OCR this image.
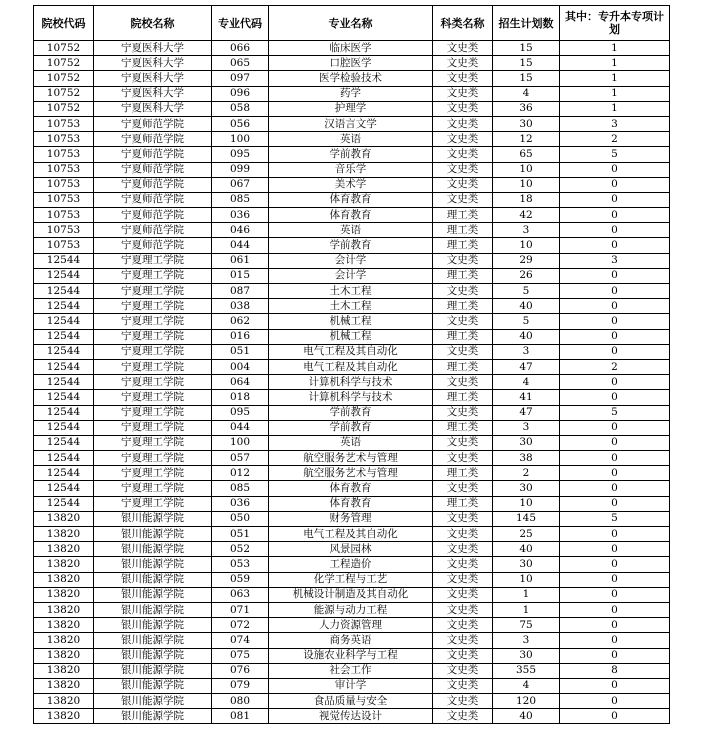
院校代码	院校名称	专业代码	专业名称	科类名称	招生计划数	其中：专升本专项计划
10752	宁夏医科大学	066	临床医学	文史类	15	1
10752	宁夏医科大学	065	口腔医学	文史类	15	1
10752	宁夏医科大学	097	医学检验技术	文史类	15	1
10752	宁夏医科大学	096	药学	文史类	4	1
10752	宁夏医科大学	058	护理学	文史类	36	1
10753	宁夏师范学院	056	汉语言文学	文史类	30	3
10753	宁夏师范学院	100	英语	文史类	12	2
10753	宁夏师范学院	095	学前教育	文史类	65	5
10753	宁夏师范学院	099	音乐学	文史类	10	0
10753	宁夏师范学院	067	美术学	文史类	10	0
10753	宁夏师范学院	085	体育教育	文史类	18	0
10753	宁夏师范学院	036	体育教育	理工类	42	0
10753	宁夏师范学院	046	英语	理工类	3	0
10753	宁夏师范学院	044	学前教育	理工类	10	0
12544	宁夏理工学院	061	会计学	文史类	29	3
12544	宁夏理工学院	015	会计学	理工类	26	0
12544	宁夏理工学院	087	土木工程	文史类	5	0
12544	宁夏理工学院	038	土木工程	理工类	40	0
12544	宁夏理工学院	062	机械工程	文史类	5	0
12544	宁夏理工学院	016	机械工程	理工类	40	0
12544	宁夏理工学院	051	电气工程及其自动化	文史类	3	0
12544	宁夏理工学院	004	电气工程及其自动化	理工类	47	2
12544	宁夏理工学院	064	计算机科学与技术	文史类	4	0
12544	宁夏理工学院	018	计算机科学与技术	理工类	41	0
12544	宁夏理工学院	095	学前教育	文史类	47	5
12544	宁夏理工学院	044	学前教育	理工类	3	0
12544	宁夏理工学院	100	英语	文史类	30	0
12544	宁夏理工学院	057	航空服务艺术与管理	文史类	38	0
12544	宁夏理工学院	012	航空服务艺术与管理	理工类	2	0
12544	宁夏理工学院	085	体育教育	文史类	30	0
12544	宁夏理工学院	036	体育教育	理工类	10	0
13820	银川能源学院	050	财务管理	文史类	145	5
13820	银川能源学院	051	电气工程及其自动化	文史类	25	0
13820	银川能源学院	052	风景园林	文史类	40	0
13820	银川能源学院	053	工程造价	文史类	30	0
13820	银川能源学院	059	化学工程与工艺	文史类	10	0
13820	银川能源学院	063	机械设计制造及其自动化	文史类	1	0
13820	银川能源学院	071	能源与动力工程	文史类	1	0
13820	银川能源学院	072	人力资源管理	文史类	75	0
13820	银川能源学院	074	商务英语	文史类	3	0
13820	银川能源学院	075	设施农业科学与工程	文史类	30	0
13820	银川能源学院	076	社会工作	文史类	355	8
13820	银川能源学院	079	审计学	文史类	4	0
13820	银川能源学院	080	食品质量与安全	文史类	120	0
13820	银川能源学院	081	视觉传达设计	文史类	40	0
